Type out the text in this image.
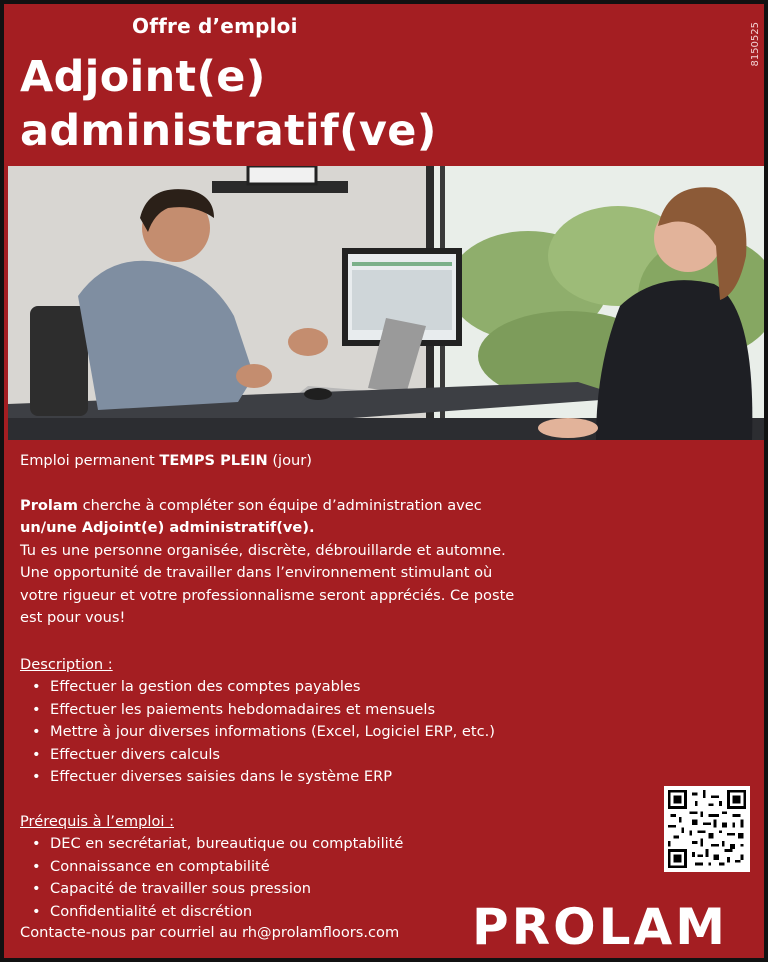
Offre d’emploi
Adjoint(e)
administratif(ve)
8150525

Emploi permanent TEMPS PLEIN (jour)

Prolam cherche à compléter son équipe d’administration avec
un/une Adjoint(e) administratif(ve).
Tu es une personne organisée, discrète, débrouillarde et automne.
Une opportunité de travailler dans l’environnement stimulant où
votre rigueur et votre professionnalisme seront appréciés. Ce poste
est pour vous!

Description :

• Effectuer la gestion des comptes payables
• Effectuer les paiements hebdomadaires et mensuels
• Mettre à jour diverses informations (Excel, Logiciel ERP, etc.)
• Effectuer divers calculs
• Effectuer diverses saisies dans le système ERP

Prérequis à l’emploi :

• DEC en secrétariat, bureautique ou comptabilité
• Connaissance en comptabilité
• Capacité de travailler sous pression
• Confidentialité et discrétion
Contacte-nous par courriel au rh@prolamfloors.com PROLAM
